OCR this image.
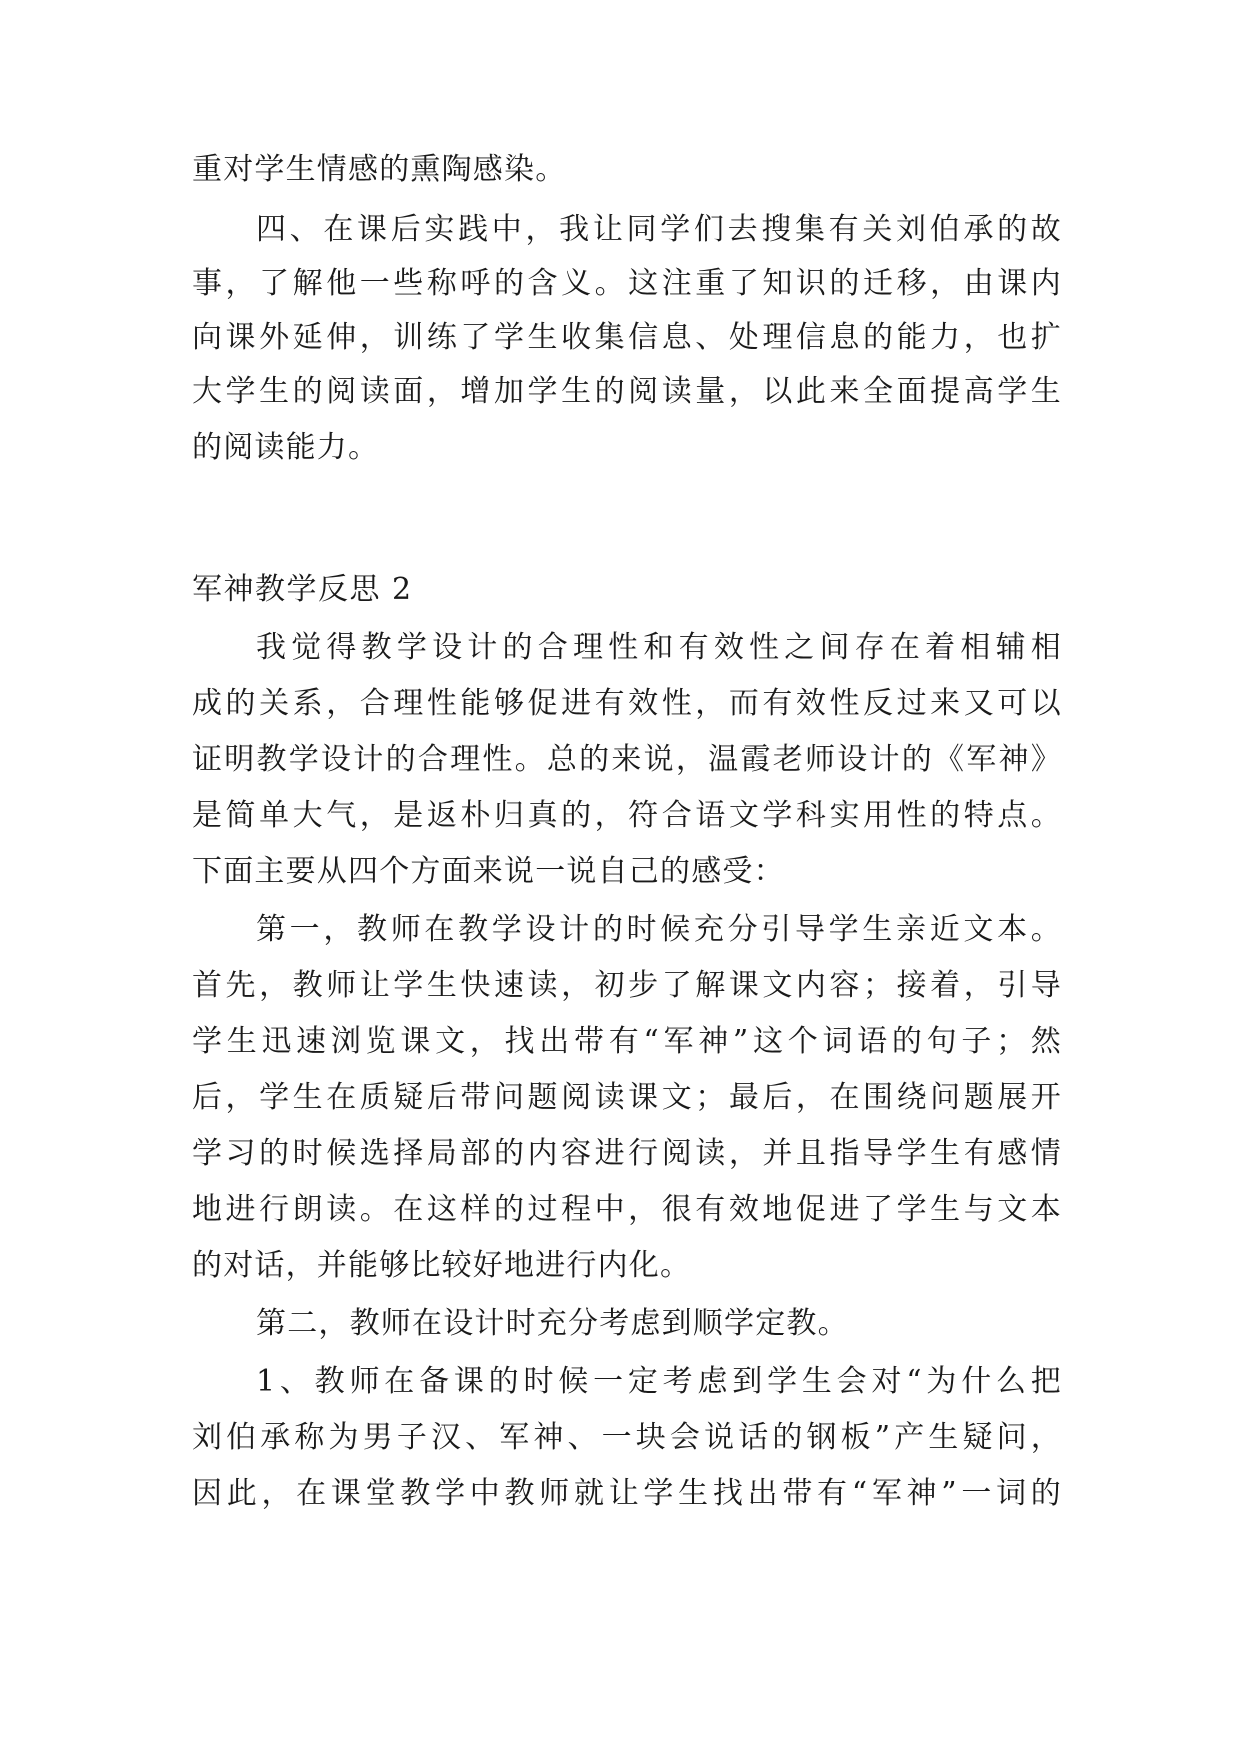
重对学生情感的熏陶感染。
四、在课后实践中，我让同学们去搜集有关刘伯承的故
事，了解他一些称呼的含义。这注重了知识的迁移，由课内
向课外延伸，训练了学生收集信息、处理信息的能力，也扩
大学生的阅读面，增加学生的阅读量，以此来全面提高学生
的阅读能力。
军神教学反思 2
我觉得教学设计的合理性和有效性之间存在着相辅相
成的关系，合理性能够促进有效性，而有效性反过来又可以
证明教学设计的合理性。总的来说，温霞老师设计的《军神》
是简单大气，是返朴归真的，符合语文学科实用性的特点。
下面主要从四个方面来说一说自己的感受：
第一，教师在教学设计的时候充分引导学生亲近文本。
首先，教师让学生快速读，初步了解课文内容；接着，引导
学生迅速浏览课文，找出带有“军神”这个词语的句子；然
后，学生在质疑后带问题阅读课文；最后，在围绕问题展开
学习的时候选择局部的内容进行阅读，并且指导学生有感情
地进行朗读。在这样的过程中，很有效地促进了学生与文本
的对话，并能够比较好地进行内化。
第二，教师在设计时充分考虑到顺学定教。
1、教师在备课的时候一定考虑到学生会对“为什么把
刘伯承称为男子汉、军神、一块会说话的钢板”产生疑问，
因此，在课堂教学中教师就让学生找出带有“军神”一词的
